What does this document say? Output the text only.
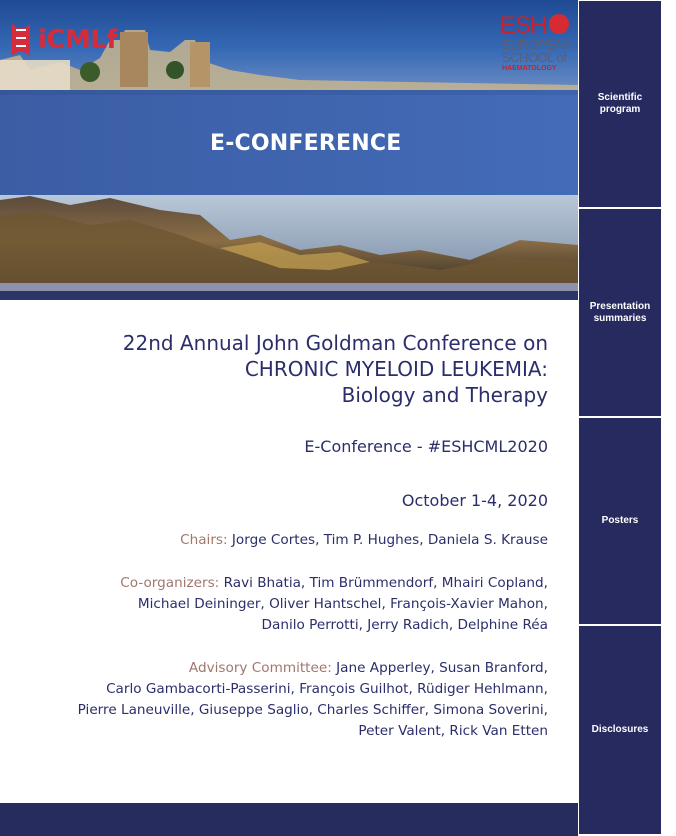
iCMLf	ESH
EUROPEAN
SCHOOL of
HAEMATOLOGY
E-CONFERENCE
22nd Annual John Goldman Conference on
CHRONIC MYELOID LEUKEMIA:
Biology and Therapy
E-Conference - #ESHCML2020
October 1-4, 2020
Chairs: Jorge Cortes, Tim P. Hughes, Daniela S. Krause
Co-organizers: Ravi Bhatia, Tim Brümmendorf, Mhairi Copland,
Michael Deininger, Oliver Hantschel, François-Xavier Mahon,
Danilo Perrotti, Jerry Radich, Delphine Réa
Advisory Committee: Jane Apperley, Susan Branford,
Carlo Gambacorti-Passerini, François Guilhot, Rüdiger Hehlmann,
Pierre Laneuville, Giuseppe Saglio, Charles Schiffer, Simona Soverini,
Peter Valent, Rick Van Etten
Scientific
program
Presentation
summaries
Posters
Disclosures
